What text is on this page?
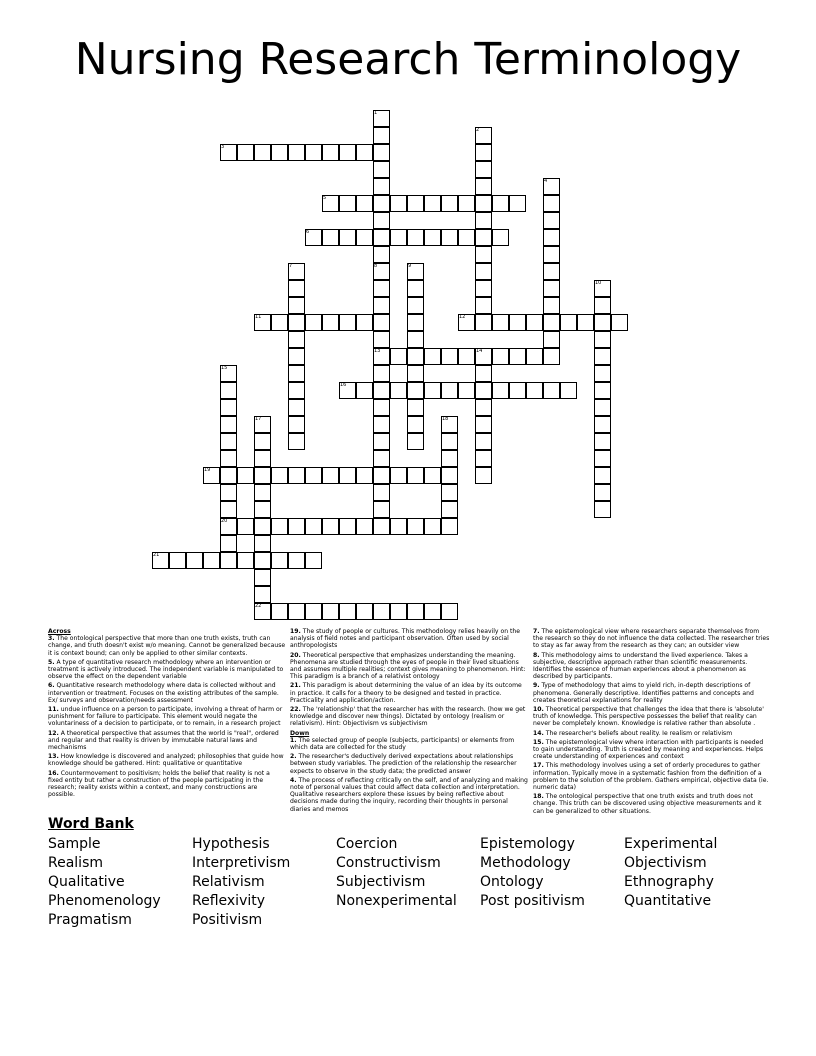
Nursing Research Terminology
1
2
3
4
5
6
7	8	9
10
11	12
13	14
15
16
17	18
19
20
21
22
Across
3. The ontological perspective that more than one truth exists, truth can change, and truth doesn't exist w/o meaning. Cannot be generalized because it is context bound; can only be applied to other similar contexts.
5. A type of quantitative research methodology where an intervention or treatment is actively introduced. The independent variable is manipulated to observe the effect on the dependent variable
6. Quantitative research methodology where data is collected without and intervention or treatment. Focuses on the existing attributes of the sample. Ex/ surveys and observation/needs assessment
11. undue influence on a person to participate, involving a threat of harm or punishment for failure to participate. This element would negate the voluntariness of a decision to participate, or to remain, in a research project
12. A theoretical perspective that assumes that the world is "real", ordered and regular and that reality is driven by immutable natural laws and mechanisms
13. How knowledge is discovered and analyzed; philosophies that guide how knowledge should be gathered. Hint: qualitative or quantitative
16. Countermovement to positivism; holds the belief that reality is not a fixed entity but rather a construction of the people participating in the research; reality exists within a context, and many constructions are possible.
19. The study of people or cultures. This methodology relies heavily on the analysis of field notes and participant observation. Often used by social anthropologists
20. Theoretical perspective that emphasizes understanding the meaning. Phenomena are studied through the eyes of people in their lived situations and assumes multiple realities; context gives meaning to phenomenon. Hint: This paradigm is a branch of a relativist ontology
21. This paradigm is about determining the value of an idea by its outcome in practice. It calls for a theory to be designed and tested in practice. Practicality and application/action.
22. The 'relationship' that the researcher has with the research. (how we get knowledge and discover new things). Dictated by ontology (realism or relativism). Hint: Objectivism vs subjectivism
Down
1. The selected group of people (subjects, participants) or elements from which data are collected for the study
2. The researcher's deductively derived expectations about relationships between study variables. The prediction of the relationship the researcher expects to observe in the study data; the predicted answer
4. The process of reflecting critically on the self, and of analyzing and making note of personal values that could affect data collection and interpretation. Qualitative researchers explore these issues by being reflective about decisions made during the inquiry, recording their thoughts in personal diaries and memos
7. The epistemological view where researchers separate themselves from the research so they do not influence the data collected. The researcher tries to stay as far away from the research as they can; an outsider view
8. This methodology aims to understand the lived experience. Takes a subjective, descriptive approach rather than scientific measurements. Identifies the essence of human experiences about a phenomenon as described by participants.
9. Type of methodology that aims to yield rich, in-depth descriptions of phenomena. Generally descriptive. Identifies patterns and concepts and creates theoretical explanations for reality
10. Theoretical perspective that challenges the idea that there is 'absolute' truth of knowledge. This perspective possesses the belief that reality can never be completely known. Knowledge is relative rather than absolute .
14. The researcher's beliefs about reality. Ie realism or relativism
15. The epistemological view where interaction with participants is needed to gain understanding. Truth is created by meaning and experiences. Helps create understanding of experiences and context
17. This methodology involves using a set of orderly procedures to gather information. Typically move in a systematic fashion from the definition of a problem to the solution of the problem. Gathers empirical, objective data (ie. numeric data)
18. The ontological perspective that one truth exists and truth does not change. This truth can be discovered using objective measurements and it can be generalized to other situations.
Word Bank
Sample	Hypothesis	Coercion	Epistemology	Experimental
Realism	Interpretivism	Constructivism	Methodology	Objectivism
Qualitative	Relativism	Subjectivism	Ontology	Ethnography
Phenomenology	Reflexivity	Nonexperimental	Post positivism	Quantitative
Pragmatism	Positivism
